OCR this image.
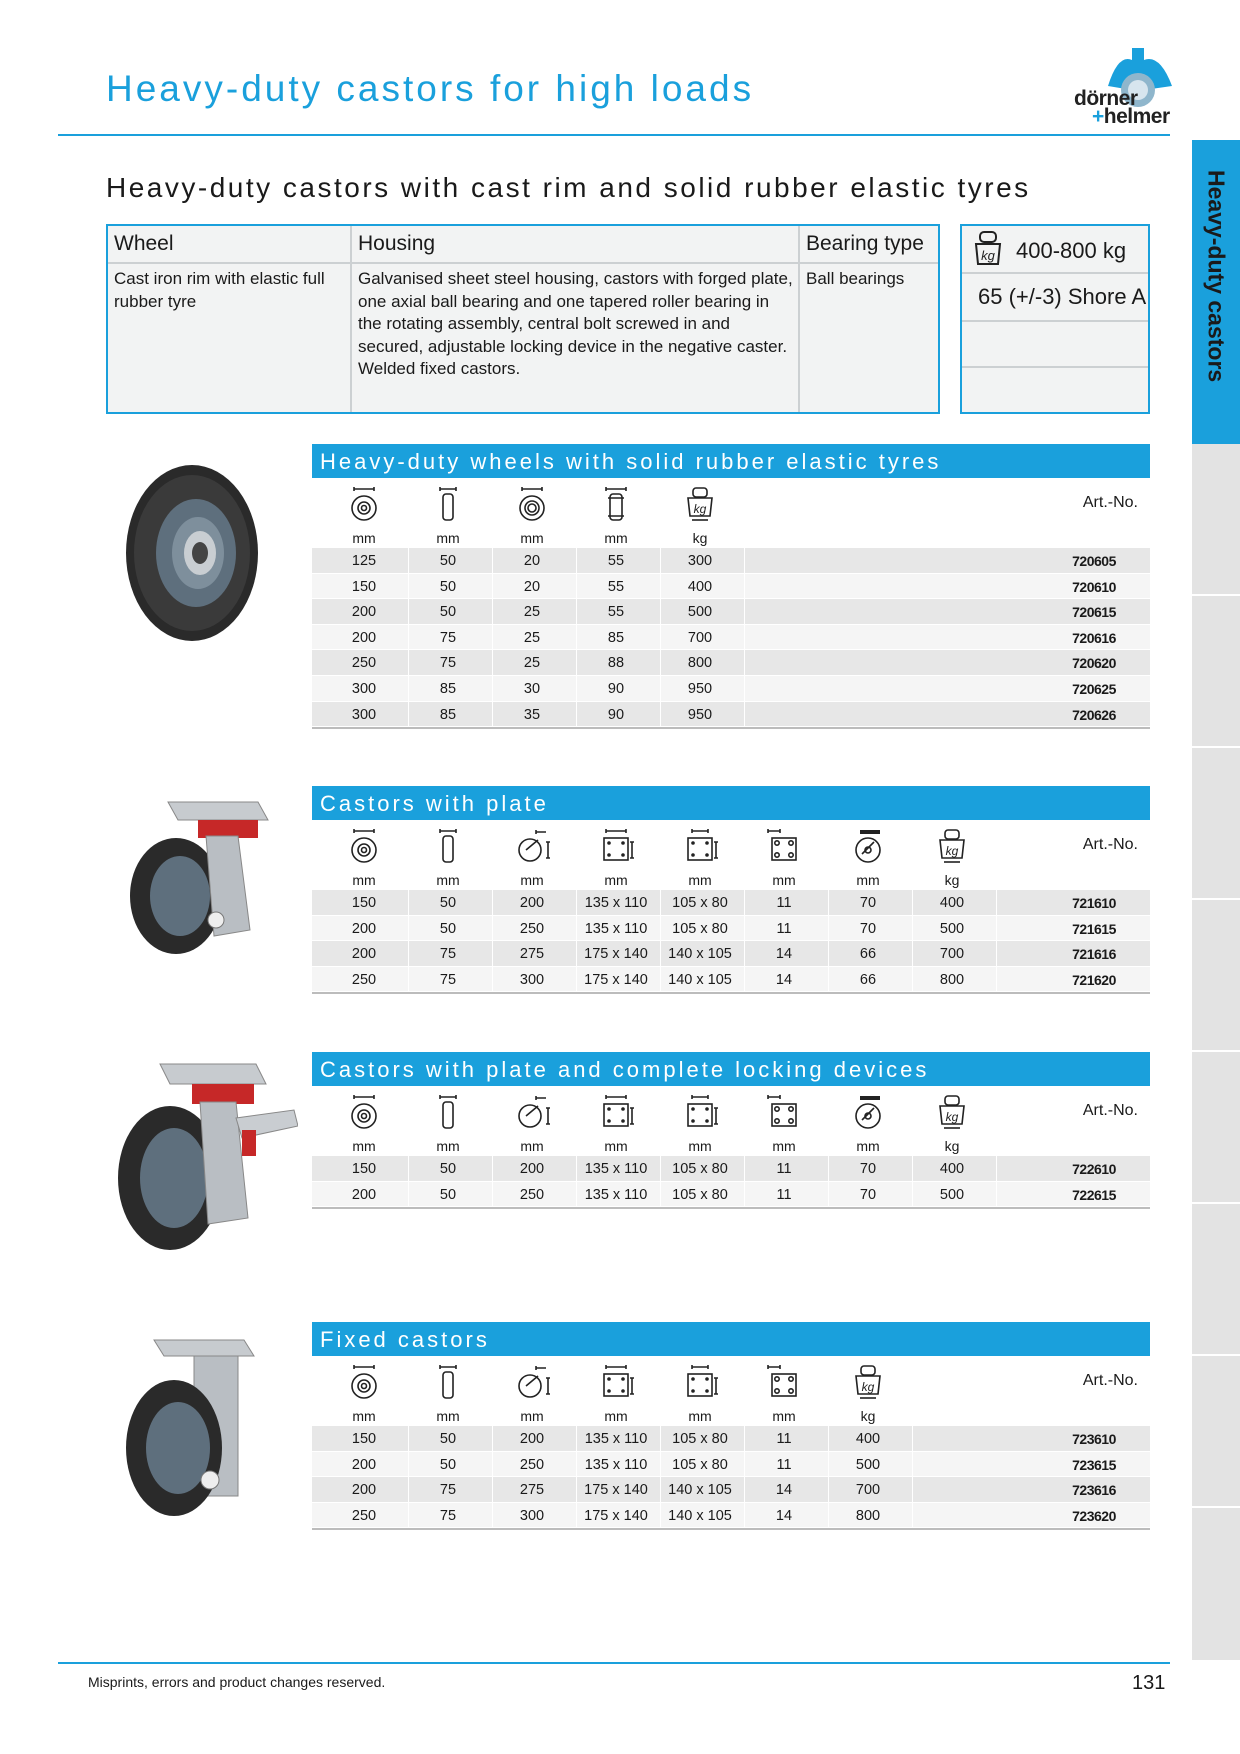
Heavy-duty castors for high loads	dörner
+helmer
Heavy-duty castors
Heavy-duty castors with cast rim and solid rubber elastic tyres
Wheel
Cast iron rim with elastic full rubber tyre
Housing
Galvanised sheet steel housing, castors with forged plate, one axial ball bearing and one tapered roller bearing in the rotating assembly, central bolt screwed in and secured, adjustable locking device in the negative caster. Welded fixed castors.
Bearing type
Ball bearings
kg 400-800 kg
65 (+/-3) Shore A
Heavy-duty wheels with solid rubber elastic tyres
Art.-No.
kg
mm	mm	mm	mm	kg
125	50	20	55	300	720605
150	50	20	55	400	720610
200	50	25	55	500	720615
200	75	25	85	700	720616
250	75	25	88	800	720620
300	85	30	90	950	720625
300	85	35	90	950	720626
Castors with plate
Art.-No.
kg
mm	mm	mm	mm	mm	mm	mm	kg
150	50	200	135 x 110	105 x 80	11	70	400	721610
200	50	250	135 x 110	105 x 80	11	70	500	721615
200	75	275	175 x 140	140 x 105	14	66	700	721616
250	75	300	175 x 140	140 x 105	14	66	800	721620
Castors with plate and complete locking devices
Art.-No.
kg
mm	mm	mm	mm	mm	mm	mm	kg
150	50	200	135 x 110	105 x 80	11	70	400	722610
200	50	250	135 x 110	105 x 80	11	70	500	722615
Fixed castors
Art.-No.
kg
mm	mm	mm	mm	mm	mm	kg
150	50	200	135 x 110	105 x 80	11	400	723610
200	50	250	135 x 110	105 x 80	11	500	723615
200	75	275	175 x 140	140 x 105	14	700	723616
250	75	300	175 x 140	140 x 105	14	800	723620
Misprints, errors and product changes reserved.	131
